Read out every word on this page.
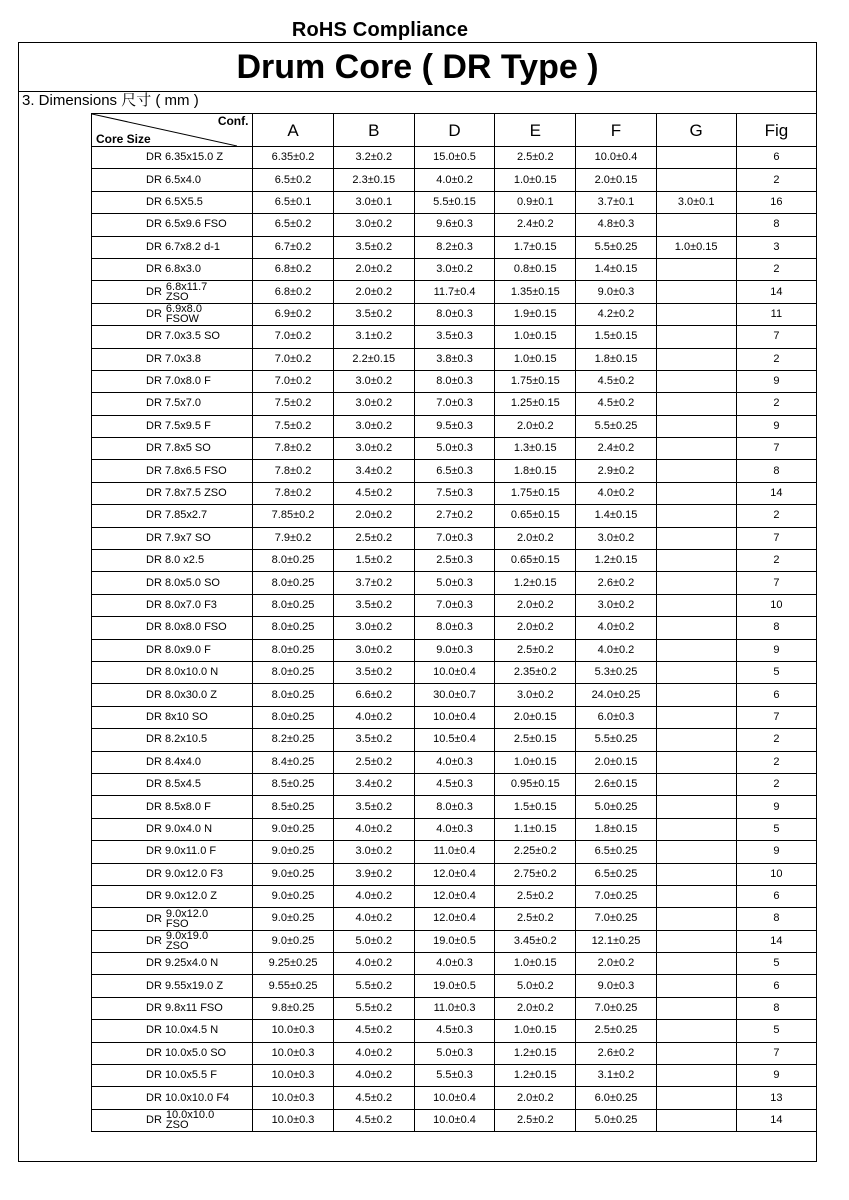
RoHS Compliance
Drum Core ( DR Type )
3. Dimensions 尺寸 ( mm )
Conf.
Core Size	A	B	D	E	F	G	Fig
DR 6.35x15.0 Z	6.35±0.2	3.2±0.2	15.0±0.5	2.5±0.2	10.0±0.4		6
DR 6.5x4.0	6.5±0.2	2.3±0.15	4.0±0.2	1.0±0.15	2.0±0.15		2
DR 6.5X5.5	6.5±0.1	3.0±0.1	5.5±0.15	0.9±0.1	3.7±0.1	3.0±0.1	16
DR 6.5x9.6 FSO	6.5±0.2	3.0±0.2	9.6±0.3	2.4±0.2	4.8±0.3		8
DR 6.7x8.2 d-1	6.7±0.2	3.5±0.2	8.2±0.3	1.7±0.15	5.5±0.25	1.0±0.15	3
DR 6.8x3.0	6.8±0.2	2.0±0.2	3.0±0.2	0.8±0.15	1.4±0.15		2
DR 6.8x11.7
ZSO	6.8±0.2	2.0±0.2	11.7±0.4	1.35±0.15	9.0±0.3		14
DR 6.9x8.0
FSOW	6.9±0.2	3.5±0.2	8.0±0.3	1.9±0.15	4.2±0.2		11
DR 7.0x3.5 SO	7.0±0.2	3.1±0.2	3.5±0.3	1.0±0.15	1.5±0.15		7
DR 7.0x3.8	7.0±0.2	2.2±0.15	3.8±0.3	1.0±0.15	1.8±0.15		2
DR 7.0x8.0 F	7.0±0.2	3.0±0.2	8.0±0.3	1.75±0.15	4.5±0.2		9
DR 7.5x7.0	7.5±0.2	3.0±0.2	7.0±0.3	1.25±0.15	4.5±0.2		2
DR 7.5x9.5 F	7.5±0.2	3.0±0.2	9.5±0.3	2.0±0.2	5.5±0.25		9
DR 7.8x5 SO	7.8±0.2	3.0±0.2	5.0±0.3	1.3±0.15	2.4±0.2		7
DR 7.8x6.5 FSO	7.8±0.2	3.4±0.2	6.5±0.3	1.8±0.15	2.9±0.2		8
DR 7.8x7.5 ZSO	7.8±0.2	4.5±0.2	7.5±0.3	1.75±0.15	4.0±0.2		14
DR 7.85x2.7	7.85±0.2	2.0±0.2	2.7±0.2	0.65±0.15	1.4±0.15		2
DR 7.9x7 SO	7.9±0.2	2.5±0.2	7.0±0.3	2.0±0.2	3.0±0.2		7
DR 8.0 x2.5	8.0±0.25	1.5±0.2	2.5±0.3	0.65±0.15	1.2±0.15		2
DR 8.0x5.0 SO	8.0±0.25	3.7±0.2	5.0±0.3	1.2±0.15	2.6±0.2		7
DR 8.0x7.0 F3	8.0±0.25	3.5±0.2	7.0±0.3	2.0±0.2	3.0±0.2		10
DR 8.0x8.0 FSO	8.0±0.25	3.0±0.2	8.0±0.3	2.0±0.2	4.0±0.2		8
DR 8.0x9.0 F	8.0±0.25	3.0±0.2	9.0±0.3	2.5±0.2	4.0±0.2		9
DR 8.0x10.0 N	8.0±0.25	3.5±0.2	10.0±0.4	2.35±0.2	5.3±0.25		5
DR 8.0x30.0 Z	8.0±0.25	6.6±0.2	30.0±0.7	3.0±0.2	24.0±0.25		6
DR 8x10 SO	8.0±0.25	4.0±0.2	10.0±0.4	2.0±0.15	6.0±0.3		7
DR 8.2x10.5	8.2±0.25	3.5±0.2	10.5±0.4	2.5±0.15	5.5±0.25		2
DR 8.4x4.0	8.4±0.25	2.5±0.2	4.0±0.3	1.0±0.15	2.0±0.15		2
DR 8.5x4.5	8.5±0.25	3.4±0.2	4.5±0.3	0.95±0.15	2.6±0.15		2
DR 8.5x8.0 F	8.5±0.25	3.5±0.2	8.0±0.3	1.5±0.15	5.0±0.25		9
DR 9.0x4.0 N	9.0±0.25	4.0±0.2	4.0±0.3	1.1±0.15	1.8±0.15		5
DR 9.0x11.0 F	9.0±0.25	3.0±0.2	11.0±0.4	2.25±0.2	6.5±0.25		9
DR 9.0x12.0 F3	9.0±0.25	3.9±0.2	12.0±0.4	2.75±0.2	6.5±0.25		10
DR 9.0x12.0 Z	9.0±0.25	4.0±0.2	12.0±0.4	2.5±0.2	7.0±0.25		6
DR 9.0x12.0
FSO	9.0±0.25	4.0±0.2	12.0±0.4	2.5±0.2	7.0±0.25		8
DR 9.0x19.0
ZSO	9.0±0.25	5.0±0.2	19.0±0.5	3.45±0.2	12.1±0.25		14
DR 9.25x4.0 N	9.25±0.25	4.0±0.2	4.0±0.3	1.0±0.15	2.0±0.2		5
DR 9.55x19.0 Z	9.55±0.25	5.5±0.2	19.0±0.5	5.0±0.2	9.0±0.3		6
DR 9.8x11 FSO	9.8±0.25	5.5±0.2	11.0±0.3	2.0±0.2	7.0±0.25		8
DR 10.0x4.5 N	10.0±0.3	4.5±0.2	4.5±0.3	1.0±0.15	2.5±0.25		5
DR 10.0x5.0 SO	10.0±0.3	4.0±0.2	5.0±0.3	1.2±0.15	2.6±0.2		7
DR 10.0x5.5 F	10.0±0.3	4.0±0.2	5.5±0.3	1.2±0.15	3.1±0.2		9
DR 10.0x10.0 F4	10.0±0.3	4.5±0.2	10.0±0.4	2.0±0.2	6.0±0.25		13
DR 10.0x10.0
ZSO	10.0±0.3	4.5±0.2	10.0±0.4	2.5±0.2	5.0±0.25		14
